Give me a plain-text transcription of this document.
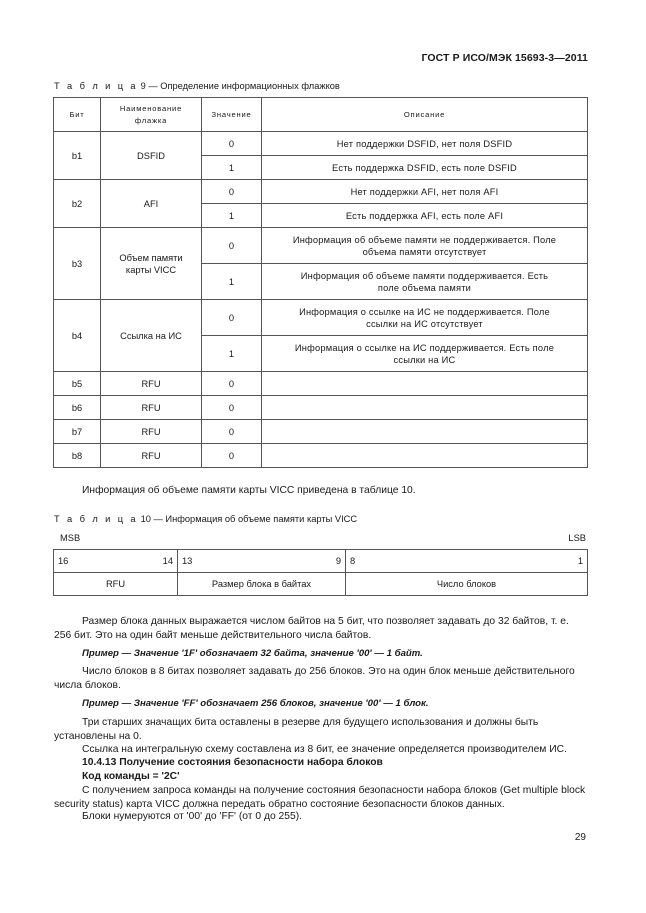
ГОСТ Р ИСО/МЭК 15693-3—2011
Т а б л и ц а 9 — Определение информационных флажков
Бит	Наименование флажка	Значение	Описание
b1	DSFID	0	Нет поддержки DSFID, нет поля DSFID
		1	Есть поддержка DSFID, есть поле DSFID
b2	AFI	0	Нет поддержки AFI, нет поля AFI
		1	Есть поддержка AFI, есть поле AFI
b3	Объем памяти карты VICC	0	Информация об объеме памяти не поддерживается. Поле объема памяти отсутствует
		1	Информация об объеме памяти поддерживается. Есть поле объема памяти
b4	Ссылка на ИС	0	Информация о ссылке на ИС не поддерживается. Поле ссылки на ИС отсутствует
		1	Информация о ссылке на ИС поддерживается. Есть поле ссылки на ИС
b5	RFU	0	
b6	RFU	0	
b7	RFU	0	
b8	RFU	0	
Информация об объеме памяти карты VICC приведена в таблице 10.
Т а б л и ц а 10 — Информация об объеме памяти карты VICC
MSB	LSB
16 14	13 9	8 1

RFU	Размер блока в байтах	Число блоков
Размер блока данных выражается числом байтов на 5 бит, что позволяет задавать до 32 байтов, т. е. 256 бит. Это на один байт меньше действительного числа байтов.
Пример — Значение '1F' обозначает 32 байта, значение '00' — 1 байт.
Число блоков в 8 битах позволяет задавать до 256 блоков. Это на один блок меньше действительного числа блоков.
Пример — Значение 'FF' обозначает 256 блоков, значение '00' — 1 блок.
Три старших значащих бита оставлены в резерве для будущего использования и должны быть установлены на 0.
Ссылка на интегральную схему составлена из 8 бит, ее значение определяется производителем ИС.
10.4.13 Получение состояния безопасности набора блоков
Код команды = '2C'
С получением запроса команды на получение состояния безопасности набора блоков (Get multiple block security status) карта VICC должна передать обратно состояние безопасности блоков данных.
Блоки нумеруются от '00' до 'FF' (от 0 до 255).
29
